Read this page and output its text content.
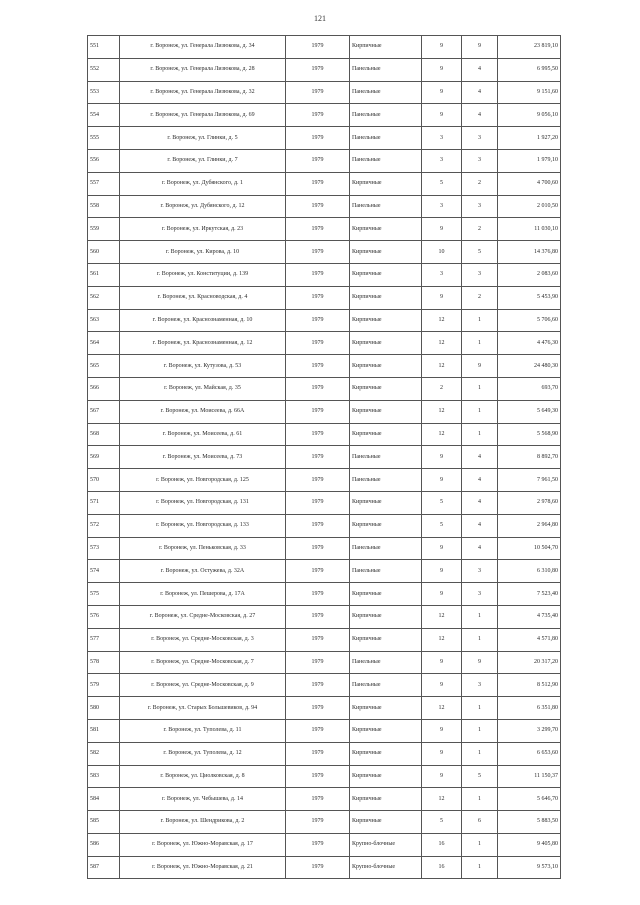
121
551	г. Воронеж, ул. Генерала Лизюкова, д. 34	1979	Кирпичные	9	9	23 819,10
552	г. Воронеж, ул. Генерала Лизюкова, д. 28	1979	Панельные	9	4	6 995,50
553	г. Воронеж, ул. Генерала Лизюкова, д. 32	1979	Панельные	9	4	9 151,60
554	г. Воронеж, ул. Генерала Лизюкова, д. 69	1979	Панельные	9	4	9 056,10
555	г. Воронеж, ул. Глинки, д. 5	1979	Панельные	3	3	1 927,20
556	г. Воронеж, ул. Глинки, д. 7	1979	Панельные	3	3	1 979,10
557	г. Воронеж, ул. Дубянского, д. 1	1979	Кирпичные	5	2	4 700,60
558	г. Воронеж, ул. Дубянского, д. 12	1979	Панельные	3	3	2 010,50
559	г. Воронеж, ул. Иркутская, д. 23	1979	Кирпичные	9	2	11 030,10
560	г. Воронеж, ул. Кирова, д. 10	1979	Кирпичные	10	5	14 376,80
561	г. Воронеж, ул. Конституции, д. 139	1979	Кирпичные	3	3	2 083,60
562	г. Воронеж, ул. Красноводская, д. 4	1979	Кирпичные	9	2	5 453,90
563	г. Воронеж, ул. Краснознаменная, д. 10	1979	Кирпичные	12	1	5 706,60
564	г. Воронеж, ул. Краснознаменная, д. 12	1979	Кирпичные	12	1	4 476,30
565	г. Воронеж, ул. Кутузова, д. 53	1979	Кирпичные	12	9	24 480,30
566	г. Воронеж, ул. Майская, д. 35	1979	Кирпичные	2	1	693,70
567	г. Воронеж, ул. Моисеева, д. 66А	1979	Кирпичные	12	1	5 649,30
568	г. Воронеж, ул. Моисеева, д. 61	1979	Кирпичные	12	1	5 568,90
569	г. Воронеж, ул. Моисеева, д. 73	1979	Панельные	9	4	8 892,70
570	г. Воронеж, ул. Новгородская, д. 125	1979	Панельные	9	4	7 961,50
571	г. Воронеж, ул. Новгородская, д. 131	1979	Кирпичные	5	4	2 978,60
572	г. Воронеж, ул. Новгородская, д. 133	1979	Кирпичные	5	4	2 964,80
573	г. Воронеж, ул. Пеньковская, д. 33	1979	Панельные	9	4	10 504,70
574	г. Воронеж, ул. Остужева, д. 32А	1979	Панельные	9	3	6 310,80
575	г. Воронеж, ул. Пешерова, д. 17А	1979	Кирпичные	9	3	7 523,40
576	г. Воронеж, ул. Средне-Московская, д. 27	1979	Кирпичные	12	1	4 735,40
577	г. Воронеж, ул. Средне-Московская, д. 3	1979	Кирпичные	12	1	4 571,80
578	г. Воронеж, ул. Средне-Московская, д. 7	1979	Панельные	9	9	20 317,20
579	г. Воронеж, ул. Средне-Московская, д. 9	1979	Панельные	9	3	8 512,90
580	г. Воронеж, ул. Старых Большевиков, д. 94	1979	Кирпичные	12	1	6 351,80
581	г. Воронеж, ул. Туполева, д. 11	1979	Кирпичные	9	1	3 299,70
582	г. Воронеж, ул. Туполева, д. 12	1979	Кирпичные	9	1	6 653,60
583	г. Воронеж, ул. Циолковская, д. 8	1979	Кирпичные	9	5	11 150,37
584	г. Воронеж, ул. Чебышева, д. 14	1979	Кирпичные	12	1	5 646,70
585	г. Воронеж, ул. Шендрикова, д. 2	1979	Кирпичные	5	6	5 883,50
586	г. Воронеж, ул. Южно-Моравская, д. 17	1979	Крупно-блочные	16	1	9 405,80
587	г. Воронеж, ул. Южно-Моравская, д. 21	1979	Крупно-блочные	16	1	9 573,10
